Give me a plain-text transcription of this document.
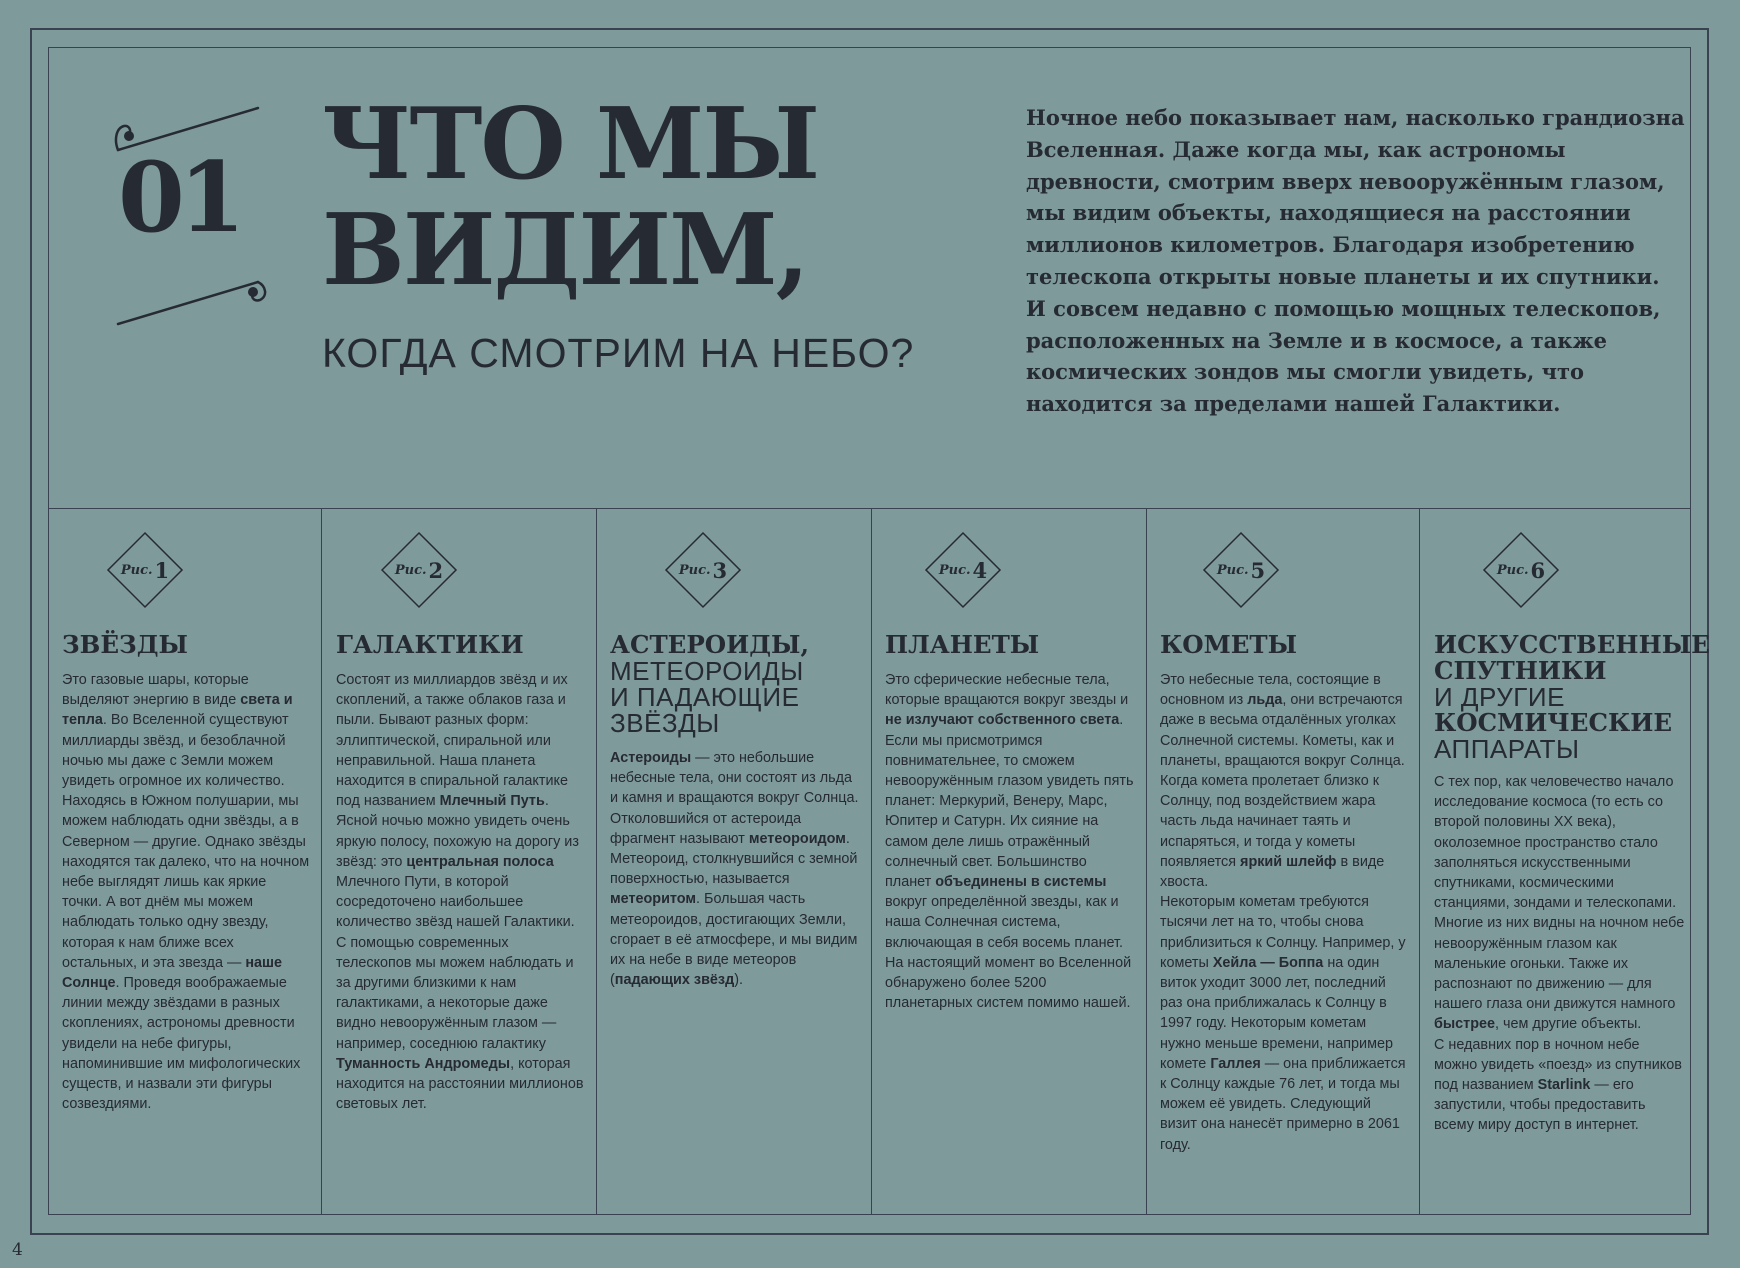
01 ЧТО МЫ
ВИДИМ,
КОГДА СМОТРИМ НА НЕБО?

Ночное небо показывает нам, насколько грандиозна Вселенная. Даже когда мы, как астрономы древности, смотрим вверх невооружённым глазом, мы видим объекты, находящиеся на расстоянии миллионов километров. Благодаря изобретению телескопа открыты новые планеты и их спутники.

И совсем недавно с помощью мощных телескопов, расположенных на Земле и в космосе, а также космических зондов мы смогли увидеть, что находится за пределами нашей Галактики.

Рис. 1
ЗВЁЗДЫ

Это газовые шары, которые выделяют энергию в виде света и тепла. Во Вселенной существуют миллиарды звёзд, и безоблачной ночью мы даже с Земли можем увидеть огромное их количество. Находясь в Южном полушарии, мы можем наблюдать одни звёзды, а в Северном — другие. Однако звёзды находятся так далеко, что на ночном небе выглядят лишь как яркие точки. А вот днём мы можем наблюдать только одну звезду, которая к нам ближе всех остальных, и эта звезда — наше Солнце. Проведя воображаемые линии между звёздами в разных скоплениях, астрономы древности увидели на небе фигуры, напоминившие им мифологических существ, и назвали эти фигуры созвездиями.

Рис. 2
ГАЛАКТИКИ

Состоят из миллиардов звёзд и их скоплений, а также облаков газа и пыли. Бывают разных форм: эллиптической, спиральной или неправильной. Наша планета находится в спиральной галактике под названием Млечный Путь. Ясной ночью можно увидеть очень яркую полосу, похожую на дорогу из звёзд: это центральная полоса Млечного Пути, в которой сосредоточено наибольшее количество звёзд нашей Галактики.

С помощью современных телескопов мы можем наблюдать и за другими близкими к нам галактиками, а некоторые даже видно невооружённым глазом — например, соседнюю галактику Туманность Андромеды, которая находится на расстоянии миллионов световых лет.

Рис. 3
АСТЕРОИДЫ,
МЕТЕОРОИДЫ
И ПАДАЮЩИЕ
ЗВЁЗДЫ

Астероиды — это небольшие небесные тела, они состоят из льда и камня и вращаются вокруг Солнца. Отколовшийся от астероида фрагмент называют метеороидом. Метеороид, столкнувшийся с земной поверхностью, называется метеоритом. Большая часть метеороидов, достигающих Земли, сгорает в её атмосфере, и мы видим их на небе в виде метеоров (падающих звёзд).

Рис. 4
ПЛАНЕТЫ

Это сферические небесные тела, которые вращаются вокруг звезды и не излучают собственного света. Если мы присмотримся повнимательнее, то сможем невооружённым глазом увидеть пять планет: Меркурий, Венеру, Марс, Юпитер и Сатурн. Их сияние на самом деле лишь отражённый солнечный свет. Большинство планет объединены в системы вокруг определённой звезды, как и наша Солнечная система, включающая в себя восемь планет. На настоящий момент во Вселенной обнаружено более 5200 планетарных систем помимо нашей.

Рис. 5
КОМЕТЫ

Это небесные тела, состоящие в основном из льда, они встречаются даже в весьма отдалённых уголках Солнечной системы. Кометы, как и планеты, вращаются вокруг Солнца. Когда комета пролетает близко к Солнцу, под воздействием жара часть льда начинает таять и испаряться, и тогда у кометы появляется яркий шлейф в виде хвоста.

Некоторым кометам требуются тысячи лет на то, чтобы снова приблизиться к Солнцу. Например, у кометы Хейла — Боппа на один виток уходит 3000 лет, последний раз она приближалась к Солнцу в 1997 году. Некоторым кометам нужно меньше времени, например комете Галлея — она приближается к Солнцу каждые 76 лет, и тогда мы можем её увидеть. Следующий визит она нанесёт примерно в 2061 году.

Рис. 6
ИСКУССТВЕННЫЕ
СПУТНИКИ
И ДРУГИЕ
КОСМИЧЕСКИЕ
АППАРАТЫ

С тех пор, как человечество начало исследование космоса (то есть со второй половины XX века), околоземное пространство стало заполняться искусственными спутниками, космическими станциями, зондами и телескопами. Многие из них видны на ночном небе невооружённым глазом как маленькие огоньки. Также их распознают по движению — для нашего глаза они движутся намного быстрее, чем другие объекты.

С недавних пор в ночном небе можно увидеть «поезд» из спутников под названием Starlink — его запустили, чтобы предоставить всему миру доступ в интернет.

4
